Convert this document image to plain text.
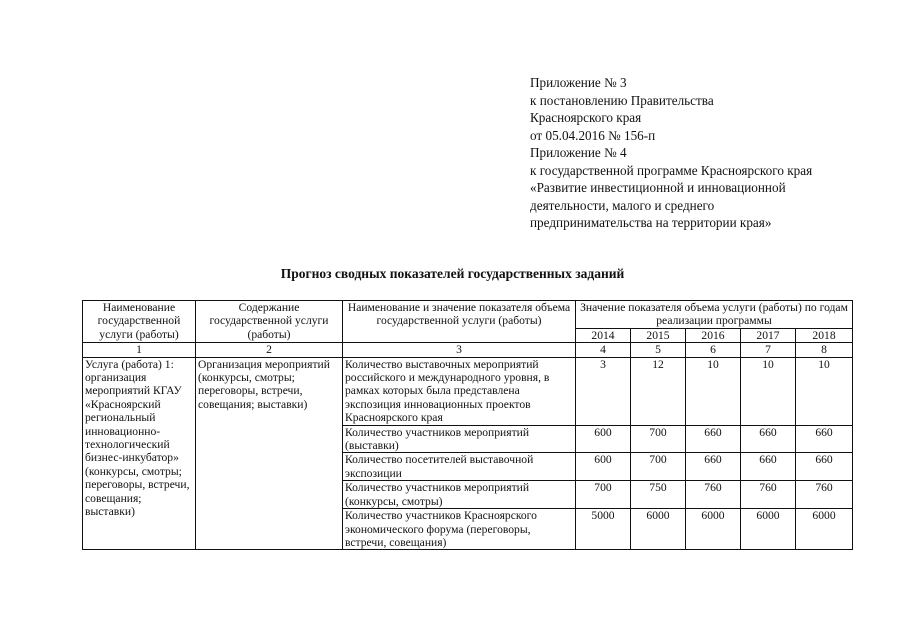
Приложение № 3
к постановлению Правительства
Красноярского края
от 05.04.2016 № 156-п
Приложение № 4
к государственной программе Красноярского края
«Развитие инвестиционной и инновационной
деятельности, малого и среднего
предпринимательства на территории края»
Прогноз сводных показателей государственных заданий
Наименование государственной услуги (работы)	Содержание государственной услуги (работы)	Наименование и значение показателя объема государственной услуги (работы)	Значение показателя объема услуги (работы) по годам реализации программы				
			2014	2015	2016	2017	2018
1	2	3	4	5	6	7	8
Услуга (работа) 1: организация мероприятий КГАУ «Красноярский региональный инновационно-технологический бизнес-инкубатор» (конкурсы, смотры; переговоры, встречи, совещания; выставки)	Организация мероприятий (конкурсы, смотры; переговоры, встречи, совещания; выставки)	Количество выставочных мероприятий российского и международного уровня, в рамках которых была представлена экспозиция инновационных проектов Красноярского края	3	12	10	10	10
		Количество участников мероприятий (выставки)	600	700	660	660	660
		Количество посетителей выставочной экспозиции	600	700	660	660	660
		Количество участников мероприятий (конкурсы, смотры)	700	750	760	760	760
		Количество участников Красноярского экономического форума (переговоры, встречи, совещания)	5000	6000	6000	6000	6000
